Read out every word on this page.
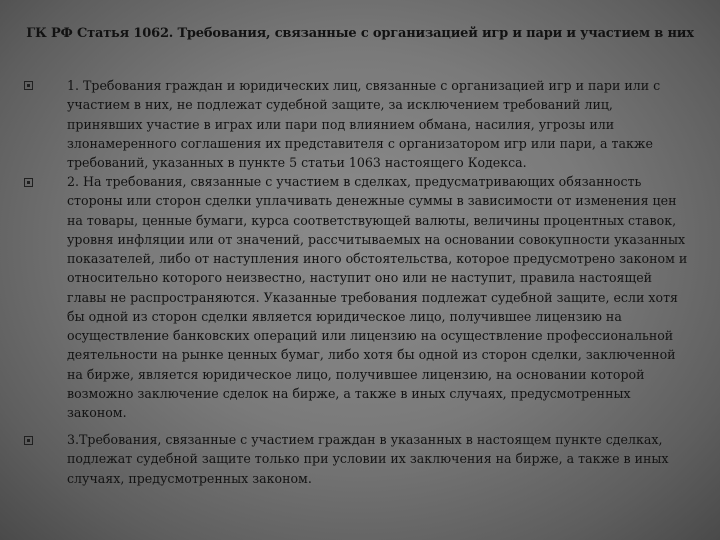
ГК РФ Статья 1062. Требования, связанные с организацией игр и пари и участием в них
1. Требования граждан и юридических лиц, связанные с организацией игр и пари или с
участием в них, не подлежат судебной защите, за исключением требований лиц,
принявших участие в играх или пари под влиянием обмана, насилия, угрозы или
злонамеренного соглашения их представителя с организатором игр или пари, а также
требований, указанных в пункте 5 статьи 1063 настоящего Кодекса.
2. На требования, связанные с участием в сделках, предусматривающих обязанность
стороны или сторон сделки уплачивать денежные суммы в зависимости от изменения цен
на товары, ценные бумаги, курса соответствующей валюты, величины процентных ставок,
уровня инфляции или от значений, рассчитываемых на основании совокупности указанных
показателей, либо от наступления иного обстоятельства, которое предусмотрено законом и
относительно которого неизвестно, наступит оно или не наступит, правила настоящей
главы не распространяются. Указанные требования подлежат судебной защите, если хотя
бы одной из сторон сделки является юридическое лицо, получившее лицензию на
осуществление банковских операций или лицензию на осуществление профессиональной
деятельности на рынке ценных бумаг, либо хотя бы одной из сторон сделки, заключенной
на бирже, является юридическое лицо, получившее лицензию, на основании которой
возможно заключение сделок на бирже, а также в иных случаях, предусмотренных
законом.
3.Требования, связанные с участием граждан в указанных в настоящем пункте сделках,
подлежат судебной защите только при условии их заключения на бирже, а также в иных
случаях, предусмотренных законом.
